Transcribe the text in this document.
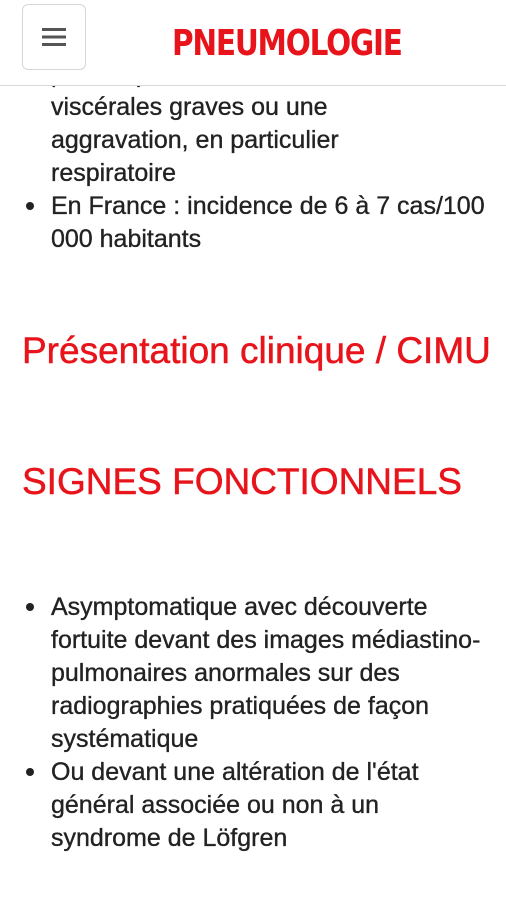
viscérales graves ou une
aggravation, en particulier
respiratoire
En France : incidence de 6 à 7 cas/100 000 habitants
Présentation clinique / CIMU
SIGNES FONCTIONNELS
Asymptomatique avec découverte fortuite devant des images médiastino-pulmonaires anormales sur des radiographies pratiquées de façon systématique
Ou devant une altération de l'état général associée ou non à un syndrome de Löfgren
PNEUMOLOGIE
